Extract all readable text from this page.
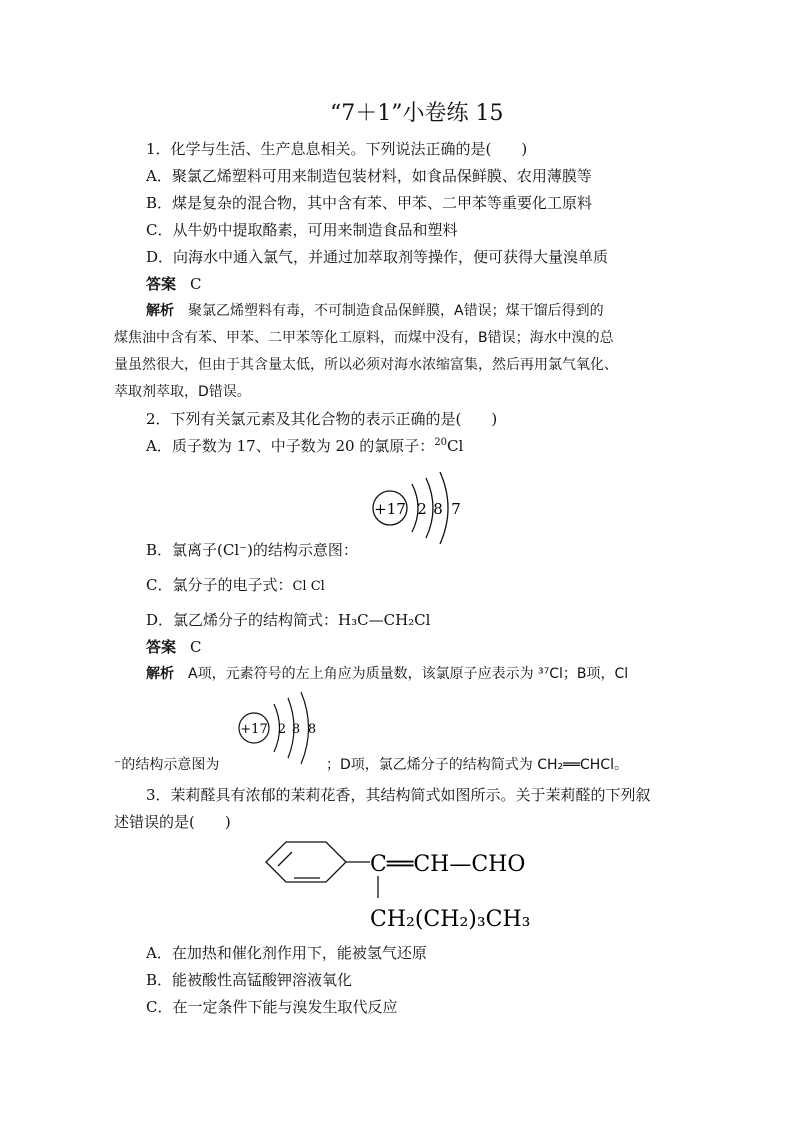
“7＋1”小卷练 15
1．化学与生活、生产息息相关。下列说法正确的是(　　)
A．聚氯乙烯塑料可用来制造包装材料，如食品保鲜膜、农用薄膜等
B．煤是复杂的混合物，其中含有苯、甲苯、二甲苯等重要化工原料
C．从牛奶中提取酪素，可用来制造食品和塑料
D．向海水中通入氯气，并通过加萃取剂等操作，便可获得大量溴单质
答案 C
解析 聚氯乙烯塑料有毒，不可制造食品保鲜膜，A错误；煤干馏后得到的
煤焦油中含有苯、甲苯、二甲苯等化工原料，而煤中没有，B错误；海水中溴的总
量虽然很大，但由于其含量太低，所以必须对海水浓缩富集，然后再用氯气氧化、
萃取剂萃取，D错误。
2．下列有关氯元素及其化合物的表示正确的是(　　)
A．质子数为 17、中子数为 20 的氯原子：$^{20}$Cl
+17 2 8 7
B．氯离子(Cl⁻)的结构示意图：
C．氯分子的电子式：Cl Cl
D．氯乙烯分子的结构简式：H₃C—CH₂Cl
答案 C
解析 A项，元素符号的左上角应为质量数，该氯原子应表示为 ³⁷Cl；B项，Cl
+17 2 8 8
⁻的结构示意图为	；D项，氯乙烯分子的结构简式为 CH₂══CHCl。
3．茉莉醛具有浓郁的茉莉花香，其结构简式如图所示。关于茉莉醛的下列叙
述错误的是(　　)
C══CH—CHO
CH₂(CH₂)₃CH₃
A．在加热和催化剂作用下，能被氢气还原
B．能被酸性高锰酸钾溶液氧化
C．在一定条件下能与溴发生取代反应
